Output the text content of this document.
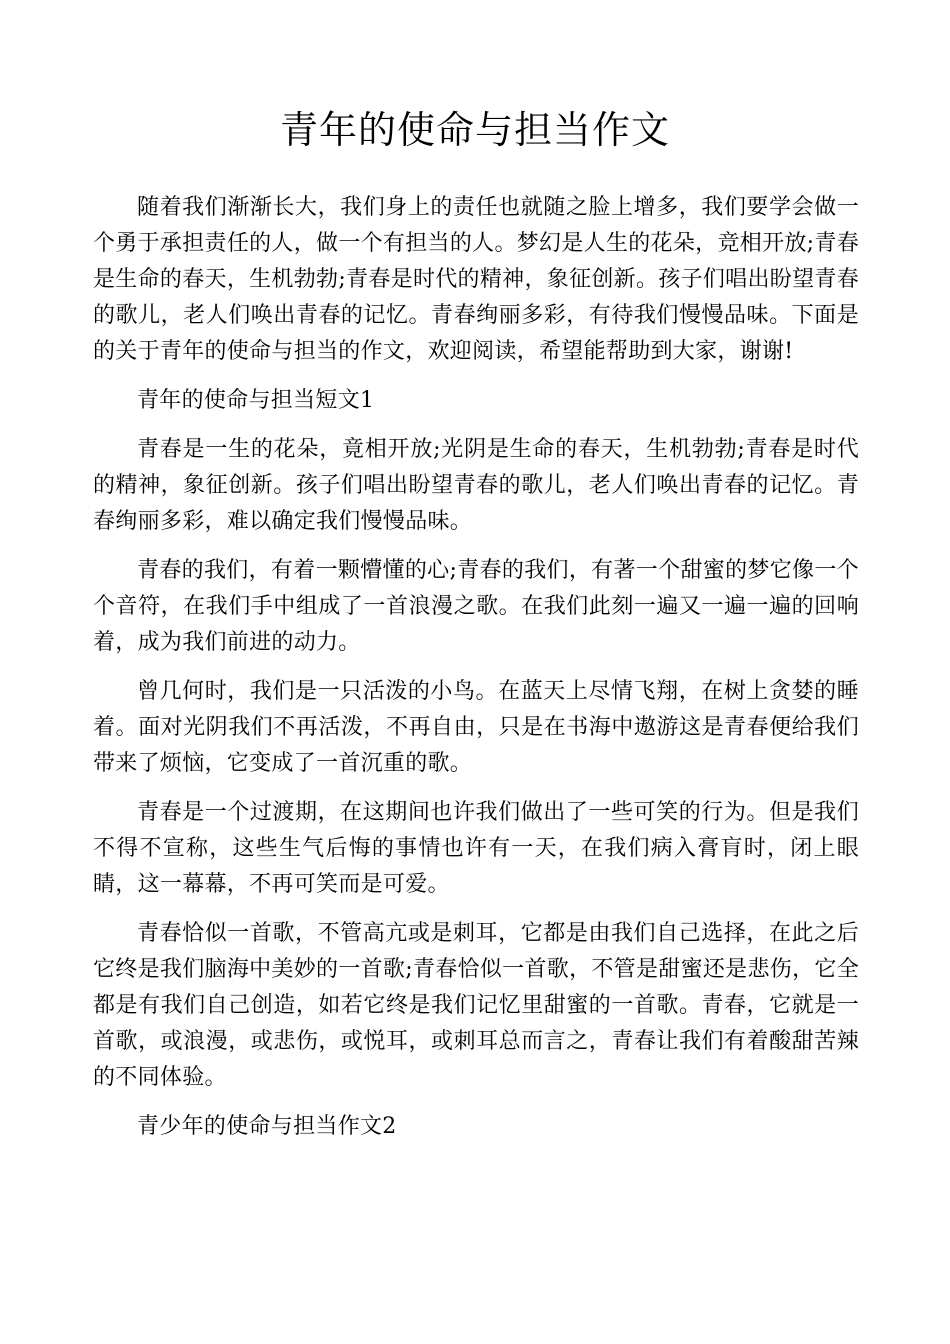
青年的使命与担当作文

随着我们渐渐长大，我们身上的责任也就随之脸上增多，我们要学会做一个勇于承担责任的人，做一个有担当的人。梦幻是人生的花朵，竞相开放;青春是生命的春天，生机勃勃;青春是时代的精神，象征创新。孩子们唱出盼望青春的歌儿，老人们唤出青春的记忆。青春绚丽多彩，有待我们慢慢品味。下面是的关于青年的使命与担当的作文，欢迎阅读，希望能帮助到大家，谢谢!

青年的使命与担当短文1

青春是一生的花朵，竟相开放;光阴是生命的春天，生机勃勃;青春是时代的精神，象征创新。孩子们唱出盼望青春的歌儿，老人们唤出青春的记忆。青春绚丽多彩，难以确定我们慢慢品味。

青春的我们，有着一颗懵懂的心;青春的我们，有著一个甜蜜的梦它像一个个音符，在我们手中组成了一首浪漫之歌。在我们此刻一遍又一遍一遍的回响着，成为我们前进的动力。

曾几何时，我们是一只活泼的小鸟。在蓝天上尽情飞翔，在树上贪婪的睡着。面对光阴我们不再活泼，不再自由，只是在书海中遨游这是青春便给我们带来了烦恼，它变成了一首沉重的歌。

青春是一个过渡期，在这期间也许我们做出了一些可笑的行为。但是我们不得不宣称，这些生气后悔的事情也许有一天，在我们病入膏肓时，闭上眼睛，这一幕幕，不再可笑而是可爱。

青春恰似一首歌，不管高亢或是刺耳，它都是由我们自己选择，在此之后它终是我们脑海中美妙的一首歌;青春恰似一首歌，不管是甜蜜还是悲伤，它全都是有我们自己创造，如若它终是我们记忆里甜蜜的一首歌。青春，它就是一首歌，或浪漫，或悲伤，或悦耳，或刺耳总而言之，青春让我们有着酸甜苦辣的不同体验。

青少年的使命与担当作文2
